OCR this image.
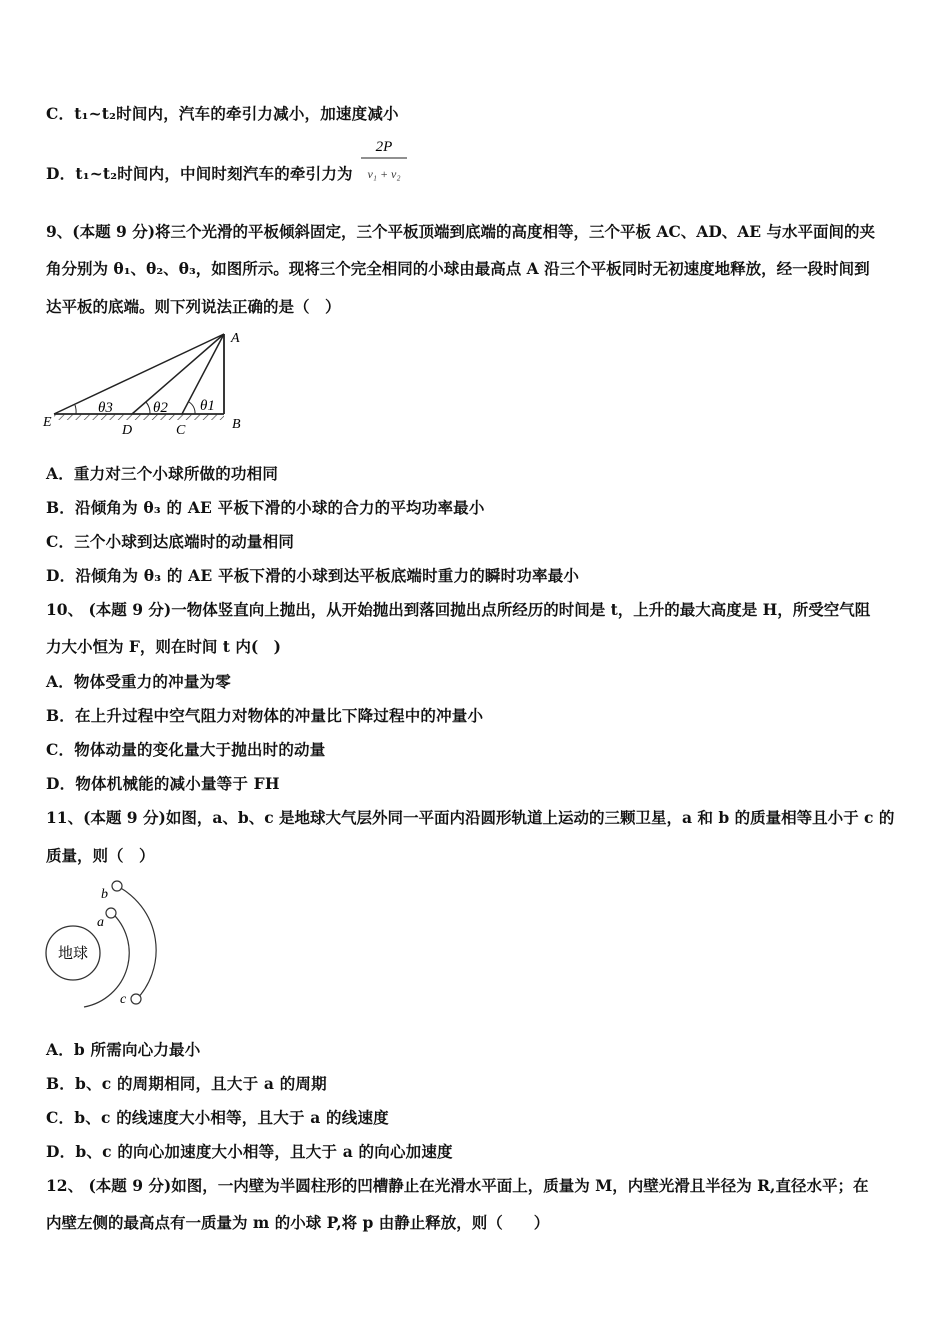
C．t₁~t₂时间内，汽车的牵引力减小，加速度减小
D．t₁~t₂时间内，中间时刻汽车的牵引力为
2P
v₁ + v₂
9、(本题 9 分)将三个光滑的平板倾斜固定，三个平板顶端到底端的高度相等，三个平板 AC、AD、AE 与水平面间的夹
角分别为 θ₁、θ₂、θ₃，如图所示。现将三个完全相同的小球由最高点 A 沿三个平板同时无初速度地释放，经一段时间到
达平板的底端。则下列说法正确的是（　）
θ3	θ2 θ1
A
B
C
D
E
A．重力对三个小球所做的功相同
B．沿倾角为 θ₃ 的 AE 平板下滑的小球的合力的平均功率最小
C．三个小球到达底端时的动量相同
D．沿倾角为 θ₃ 的 AE 平板下滑的小球到达平板底端时重力的瞬时功率最小
10、 (本题 9 分)一物体竖直向上抛出，从开始抛出到落回抛出点所经历的时间是 t，上升的最大高度是 H，所受空气阻
力大小恒为 F，则在时间 t 内(　)
A．物体受重力的冲量为零
B．在上升过程中空气阻力对物体的冲量比下降过程中的冲量小
C．物体动量的变化量大于抛出时的动量
D．物体机械能的减小量等于 FH
11、(本题 9 分)如图，a、b、c 是地球大气层外同一平面内沿圆形轨道上运动的三颗卫星，a 和 b 的质量相等且小于 c 的
质量，则（　）
地球
a
b
c
A．b 所需向心力最小
B．b、c 的周期相同，且大于 a 的周期
C．b、c 的线速度大小相等，且大于 a 的线速度
D．b、c 的向心加速度大小相等，且大于 a 的向心加速度
12、 (本题 9 分)如图，一内壁为半圆柱形的凹槽静止在光滑水平面上，质量为 M，内壁光滑且半径为 R,直径水平；在
内壁左侧的最高点有一质量为 m 的小球 P,将 p 由静止释放，则（　　）
